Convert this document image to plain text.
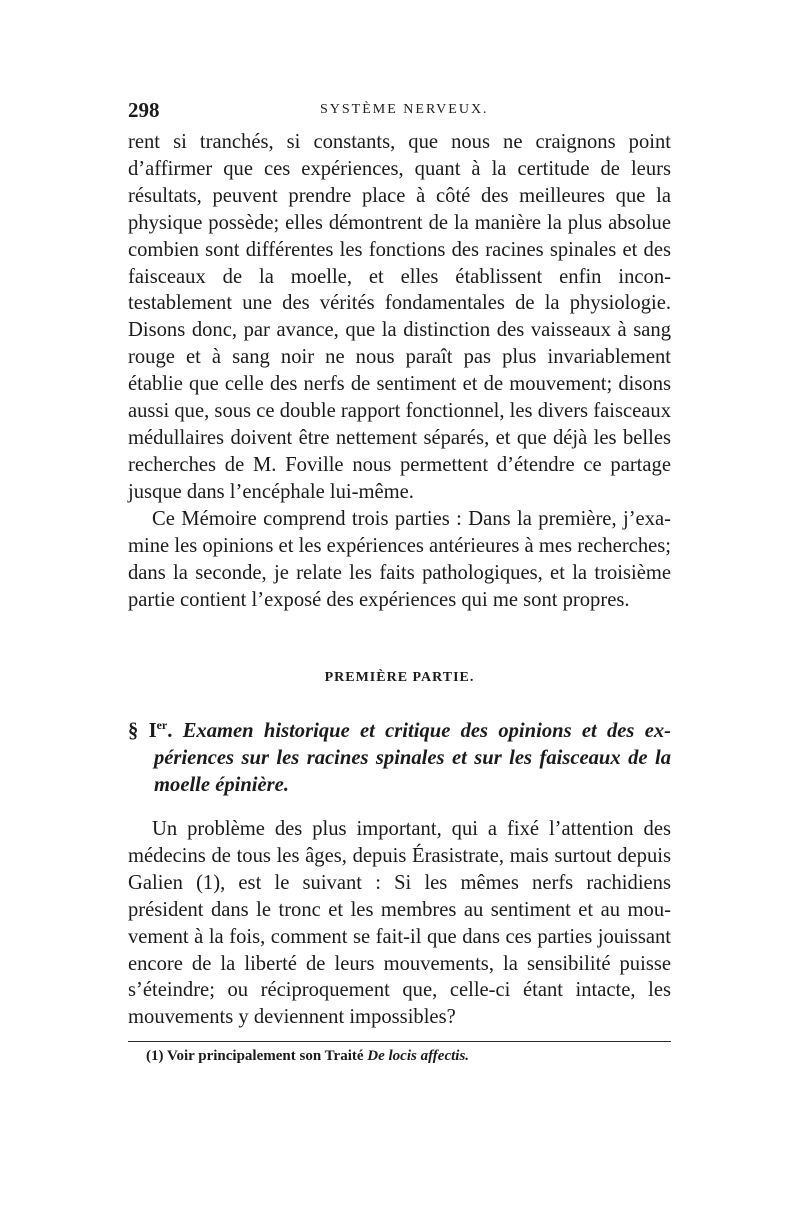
298	SYSTÈME NERVEUX.

rent si tranchés, si constants, que nous ne craignons point d’affirmer que ces expériences, quant à la certitude de leurs résultats, peuvent prendre place à côté des meilleures que la physique possède; elles démontrent de la manière la plus absolue combien sont différentes les fonctions des racines spinales et des faisceaux de la moelle, et elles établissent enfin incontestablement une des vérités fondamentales de la physiologie. Disons donc, par avance, que la distinction des vaisseaux à sang rouge et à sang noir ne nous paraît pas plus invariablement établie que celle des nerfs de sentiment et de mouvement; disons aussi que, sous ce double rapport fonctionnel, les divers faisceaux médullaires doivent être nettement séparés, et que déjà les belles recherches de M. Foville nous permettent d’étendre ce partage jusque dans l’encéphale lui-même.

Ce Mémoire comprend trois parties : Dans la première, j’examine les opinions et les expériences antérieures à mes recherches; dans la seconde, je relate les faits pathologiques, et la troisième partie contient l’exposé des expériences qui me sont propres.

PREMIÈRE PARTIE.
§ Ier. Examen historique et critique des opinions et des expériences sur les racines spinales et sur les faisceaux de la moelle épinière.

Un problème des plus important, qui a fixé l’attention des médecins de tous les âges, depuis Érasistrate, mais surtout depuis Galien (1), est le suivant : Si les mêmes nerfs rachidiens président dans le tronc et les membres au sentiment et au mouvement à la fois, comment se fait-il que dans ces parties jouissant encore de la liberté de leurs mouvements, la sensibilité puisse s’éteindre; ou réciproquement que, celle-ci étant intacte, les mouvements y deviennent impossibles?

(1) Voir principalement son Traité De locis affectis.
